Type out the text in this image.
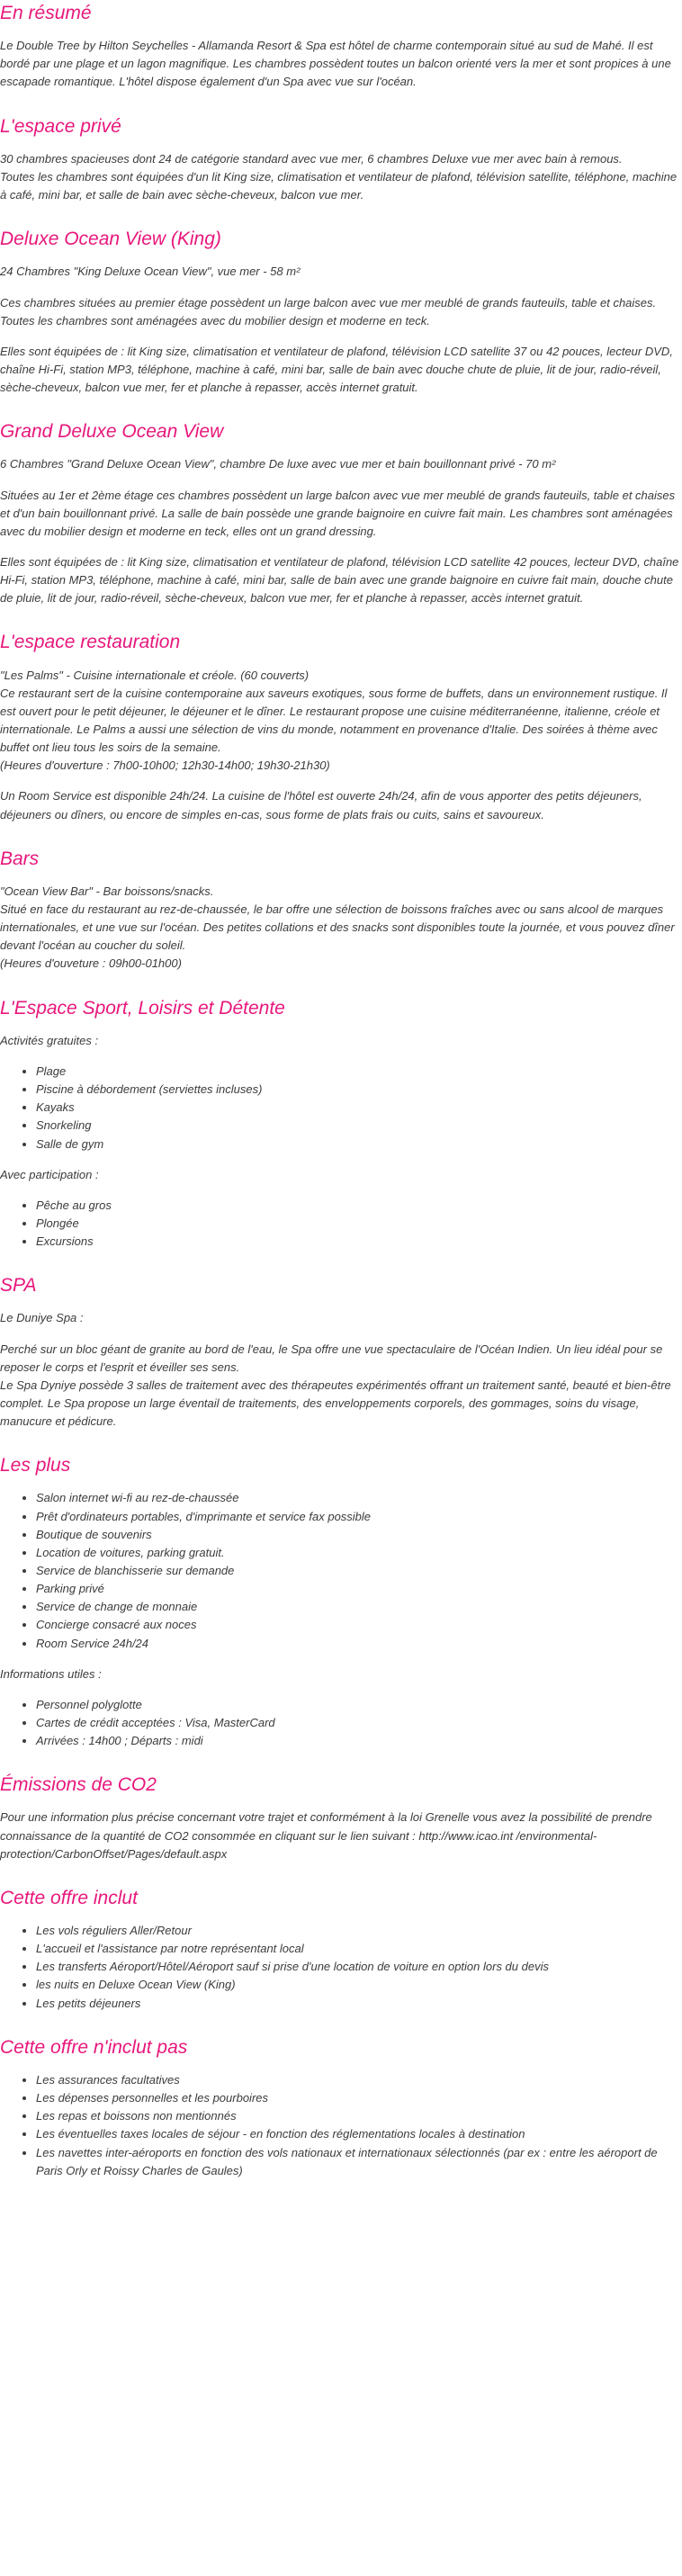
En résumé

Le Double Tree by Hilton Seychelles - Allamanda Resort & Spa est hôtel de charme contemporain situé au sud de Mahé. Il est bordé par une plage et un lagon magnifique. Les chambres possèdent toutes un balcon orienté vers la mer et sont propices à une escapade romantique. L'hôtel dispose également d'un Spa avec vue sur l'océan.

L'espace privé

30 chambres spacieuses dont 24 de catégorie standard avec vue mer, 6 chambres Deluxe vue mer avec bain à remous.
Toutes les chambres sont équipées d'un lit King size, climatisation et ventilateur de plafond, télévision satellite, téléphone, machine à café, mini bar, et salle de bain avec sèche-cheveux, balcon vue mer.

Deluxe Ocean View (King)

24 Chambres "King Deluxe Ocean View", vue mer - 58 m²

Ces chambres situées au premier étage possèdent un large balcon avec vue mer meublé de grands fauteuils, table et chaises.
Toutes les chambres sont aménagées avec du mobilier design et moderne en teck.

Elles sont équipées de : lit King size, climatisation et ventilateur de plafond, télévision LCD satellite 37 ou 42 pouces, lecteur DVD, chaîne Hi-Fi, station MP3, téléphone, machine à café, mini bar, salle de bain avec douche chute de pluie, lit de jour, radio-réveil, sèche-cheveux, balcon vue mer, fer et planche à repasser, accès internet gratuit.

Grand Deluxe Ocean View

6 Chambres "Grand Deluxe Ocean View", chambre De luxe avec vue mer et bain bouillonnant privé - 70 m²

Situées au 1er et 2ème étage ces chambres possèdent un large balcon avec vue mer meublé de grands fauteuils, table et chaises et d'un bain bouillonnant privé. La salle de bain possède une grande baignoire en cuivre fait main. Les chambres sont aménagées avec du mobilier design et moderne en teck, elles ont un grand dressing.

Elles sont équipées de : lit King size, climatisation et ventilateur de plafond, télévision LCD satellite 42 pouces, lecteur DVD, chaîne Hi-Fi, station MP3, téléphone, machine à café, mini bar, salle de bain avec une grande baignoire en cuivre fait main, douche chute de pluie, lit de jour, radio-réveil, sèche-cheveux, balcon vue mer, fer et planche à repasser, accès internet gratuit.

L'espace restauration

"Les Palms" - Cuisine internationale et créole. (60 couverts)
Ce restaurant sert de la cuisine contemporaine aux saveurs exotiques, sous forme de buffets, dans un environnement rustique. Il est ouvert pour le petit déjeuner, le déjeuner et le dîner. Le restaurant propose une cuisine méditerranéenne, italienne, créole et internationale. Le Palms a aussi une sélection de vins du monde, notamment en provenance d'Italie. Des soirées à thème avec buffet ont lieu tous les soirs de la semaine.
(Heures d'ouverture : 7h00-10h00; 12h30-14h00; 19h30-21h30)

Un Room Service est disponible 24h/24. La cuisine de l'hôtel est ouverte 24h/24, afin de vous apporter des petits déjeuners, déjeuners ou dîners, ou encore de simples en-cas, sous forme de plats frais ou cuits, sains et savoureux.

Bars

"Ocean View Bar" - Bar boissons/snacks.
Situé en face du restaurant au rez-de-chaussée, le bar offre une sélection de boissons fraîches avec ou sans alcool de marques internationales, et une vue sur l'océan. Des petites collations et des snacks sont disponibles toute la journée, et vous pouvez dîner devant l'océan au coucher du soleil.
(Heures d'ouveture : 09h00-01h00)

L'Espace Sport, Loisirs et Détente

Activités gratuites :

• Plage
• Piscine à débordement (serviettes incluses)
• Kayaks
• Snorkeling
• Salle de gym

Avec participation :

• Pêche au gros
• Plongée
• Excursions
SPA

Le Duniye Spa :

Perché sur un bloc géant de granite au bord de l'eau, le Spa offre une vue spectaculaire de l'Océan Indien. Un lieu idéal pour se reposer le corps et l'esprit et éveiller ses sens.
Le Spa Dyniye possède 3 salles de traitement avec des thérapeutes expérimentés offrant un traitement santé, beauté et bien-être complet. Le Spa propose un large éventail de traitements, des enveloppements corporels, des gommages, soins du visage, manucure et pédicure.

Les plus
• Salon internet wi-fi au rez-de-chaussée
• Prêt d'ordinateurs portables, d'imprimante et service fax possible
• Boutique de souvenirs
• Location de voitures, parking gratuit.
• Service de blanchisserie sur demande
• Parking privé
• Service de change de monnaie
• Concierge consacré aux noces
• Room Service 24h/24

Informations utiles :

• Personnel polyglotte
• Cartes de crédit acceptées : Visa, MasterCard
• Arrivées : 14h00 ; Départs : midi
Émissions de CO2

Pour une information plus précise concernant votre trajet et conformément à la loi Grenelle vous avez la possibilité de prendre connaissance de la quantité de CO2 consommée en cliquant sur le lien suivant : http://www.icao.int /environmental-protection/CarbonOffset/Pages/default.aspx

Cette offre inclut
• Les vols réguliers Aller/Retour
• L'accueil et l'assistance par notre représentant local
• Les transferts Aéroport/Hôtel/Aéroport sauf si prise d'une location de voiture en option lors du devis
• les nuits en Deluxe Ocean View (King)
• Les petits déjeuners
Cette offre n'inclut pas
• Les assurances facultatives
• Les dépenses personnelles et les pourboires
• Les repas et boissons non mentionnés
• Les éventuelles taxes locales de séjour - en fonction des réglementations locales à destination
• Les navettes inter-aéroports en fonction des vols nationaux et internationaux sélectionnés (par ex : entre les aéroport de Paris Orly et Roissy Charles de Gaules)
